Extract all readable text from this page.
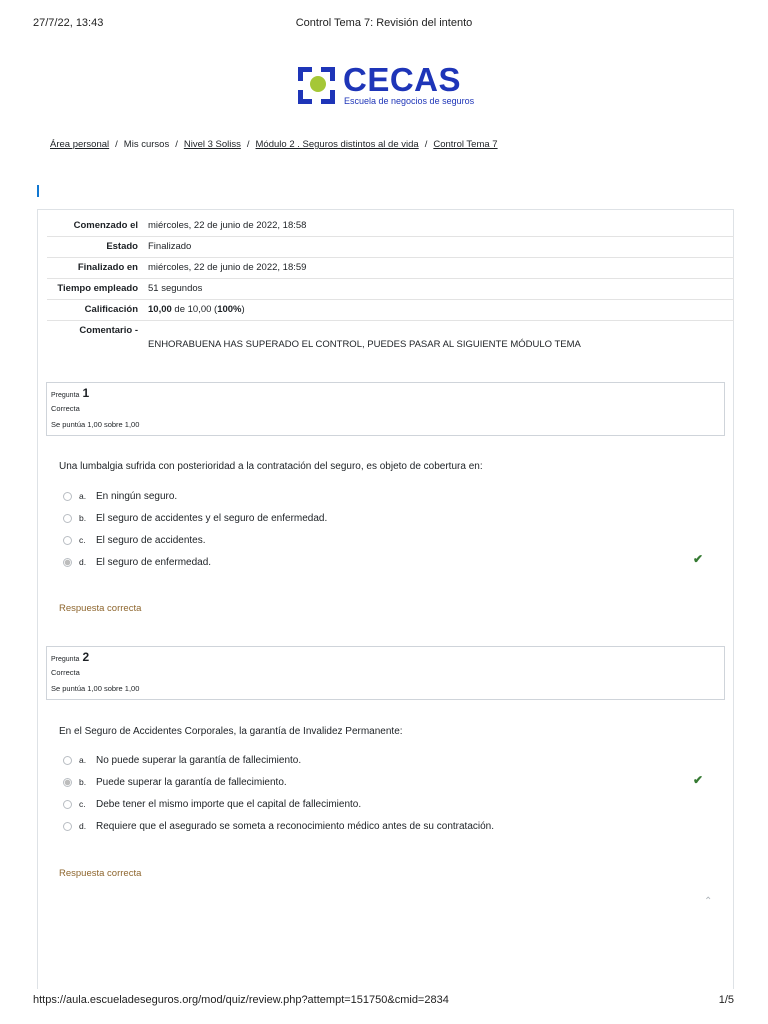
27/7/22, 13:43	Control Tema 7: Revisión del intento
CECAS
Escuela de negocios de seguros
Área personal / Mis cursos / Nivel 3 Soliss / Módulo 2 . Seguros distintos al de vida / Control Tema 7
Comenzado el	miércoles, 22 de junio de 2022, 18:58
Estado	Finalizado
Finalizado en	miércoles, 22 de junio de 2022, 18:59
Tiempo empleado	51 segundos
Calificación	10,00 de 10,00 (100%)
Comentario -
ENHORABUENA HAS SUPERADO EL CONTROL, PUEDES PASAR AL SIGUIENTE MÓDULO TEMA
Pregunta 1
Correcta
Se puntúa 1,00 sobre 1,00
Una lumbalgia sufrida con posterioridad a la contratación del seguro, es objeto de cobertura en:
a. En ningún seguro.
b. El seguro de accidentes y el seguro de enfermedad.
c.	El seguro de accidentes.
d. El seguro de enfermedad.	✔
Respuesta correcta
Pregunta 2
Correcta
Se puntúa 1,00 sobre 1,00
En el Seguro de Accidentes Corporales, la garantía de Invalidez Permanente:
a. No puede superar la garantía de fallecimiento.
b. Puede superar la garantía de fallecimiento.
c.	Debe tener el mismo importe que el capital de fallecimiento.
d. Requiere que el asegurado se someta a reconocimiento médico antes de su contratación.
✔
Respuesta correcta
⌃
https://aula.escueladeseguros.org/mod/quiz/review.php?attempt=151750&cmid=2834	1/5
